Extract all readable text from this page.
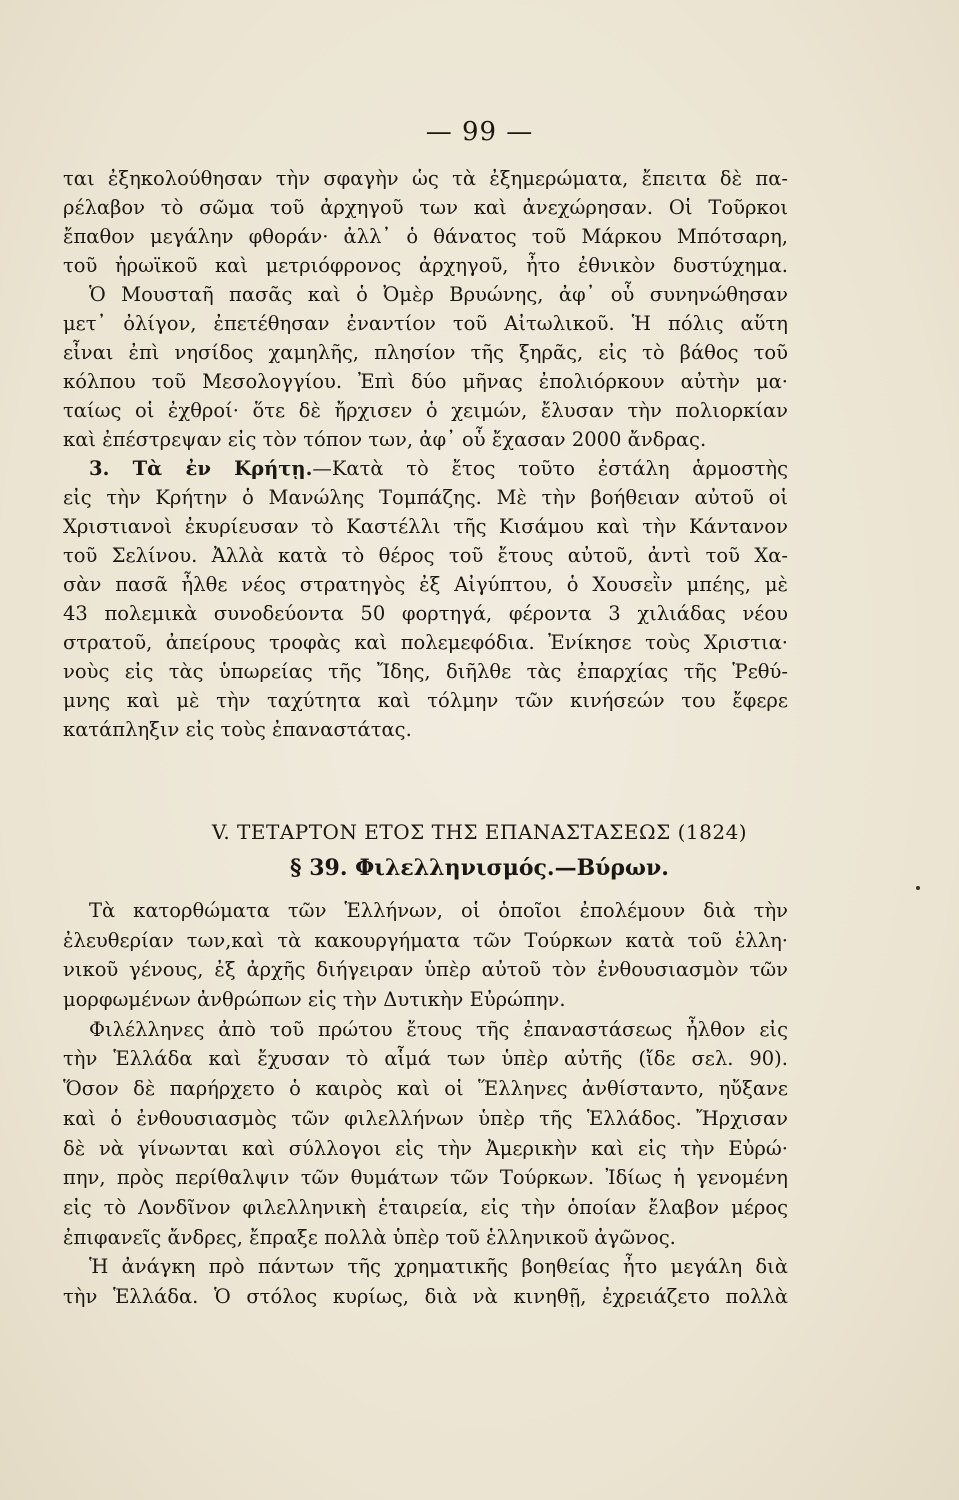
— 99 —
ται ἐξηκολούθησαν τὴν σφαγὴν ὡς τὰ ἐξημερώματα, ἔπειτα δὲ πα-
ρέλαβον τὸ σῶμα τοῦ ἀρχηγοῦ των καὶ ἀνεχώρησαν. Οἱ Τοῦρκοι
ἔπαθον μεγάλην φθοράν· ἀλλ᾽ ὁ θάνατος τοῦ Μάρκου Μπότσαρη,
τοῦ ἡρωϊκοῦ καὶ μετριόφρονος ἀρχηγοῦ, ἦτο ἐθνικὸν δυστύχημα.
Ὁ Μουσταῆ πασᾶς καὶ ὁ Ὀμὲρ Βρυώνης, ἀφ᾽ οὗ συνηνώθησαν
μετ᾽ ὀλίγον, ἐπετέθησαν ἐναντίον τοῦ Αἰτωλικοῦ. Ἡ πόλις αὕτη
εἶναι ἐπὶ νησίδος χαμηλῆς, πλησίον τῆς ξηρᾶς, εἰς τὸ βάθος τοῦ
κόλπου τοῦ Μεσολογγίου. Ἐπὶ δύο μῆνας ἐπολιόρκουν αὐτὴν μα·
ταίως οἱ ἐχθροί· ὅτε δὲ ἤρχισεν ὁ χειμών, ἔλυσαν τὴν πολιορκίαν
καὶ ἐπέστρεψαν εἰς τὸν τόπον των, ἀφ᾽ οὗ ἔχασαν 2000 ἄνδρας.
3. Τὰ ἐν Κρήτῃ.—Κατὰ τὸ ἔτος τοῦτο ἐστάλη ἁρμοστὴς
εἰς τὴν Κρήτην ὁ Μανώλης Τομπάζης. Μὲ τὴν βοήθειαν αὐτοῦ οἱ
Χριστιανοὶ ἐκυρίευσαν τὸ Καστέλλι τῆς Κισάμου καὶ τὴν Κάντανον
τοῦ Σελίνου. Ἀλλὰ κατὰ τὸ θέρος τοῦ ἔτους αὐτοῦ, ἀντὶ τοῦ Χα-
σὰν πασᾶ ἦλθε νέος στρατηγὸς ἐξ Αἰγύπτου, ὁ Χουσεῒν μπέης, μὲ
43 πολεμικὰ συνοδεύοντα 50 φορτηγά, φέροντα 3 χιλιάδας νέου
στρατοῦ, ἀπείρους τροφὰς καὶ πολεμεφόδια. Ἐνίκησε τοὺς Χριστια·
νοὺς εἰς τὰς ὑπωρείας τῆς Ἴδης, διῆλθε τὰς ἐπαρχίας τῆς Ῥεθύ-
μνης καὶ μὲ τὴν ταχύτητα καὶ τόλμην τῶν κινήσεών του ἔφερε
κατάπληξιν εἰς τοὺς ἐπαναστάτας.
V. ΤΕΤΑΡΤΟΝ ΕΤΟΣ ΤΗΣ ΕΠΑΝΑΣΤΑΣΕΩΣ (1824)
§ 39. Φιλελληνισμός.—Βύρων.
Τὰ κατορθώματα τῶν Ἑλλήνων, οἱ ὁποῖοι ἐπολέμουν διὰ τὴν
ἐλευθερίαν των,καὶ τὰ κακουργήματα τῶν Τούρκων κατὰ τοῦ ἑλλη·
νικοῦ γένους, ἐξ ἀρχῆς διήγειραν ὑπὲρ αὐτοῦ τὸν ἐνθουσιασμὸν τῶν
μορφωμένων ἀνθρώπων εἰς τὴν Δυτικὴν Εὐρώπην.
Φιλέλληνες ἀπὸ τοῦ πρώτου ἔτους τῆς ἐπαναστάσεως ἦλθον εἰς
τὴν Ἑλλάδα καὶ ἔχυσαν τὸ αἷμά των ὑπὲρ αὐτῆς (ἴδε σελ. 90).
Ὅσον δὲ παρήρχετο ὁ καιρὸς καὶ οἱ Ἕλληνες ἀνθίσταντο, ηὔξανε
καὶ ὁ ἐνθουσιασμὸς τῶν φιλελλήνων ὑπὲρ τῆς Ἑλλάδος. Ἤρχισαν
δὲ νὰ γίνωνται καὶ σύλλογοι εἰς τὴν Ἀμερικὴν καὶ εἰς τὴν Εὐρώ·
πην, πρὸς περίθαλψιν τῶν θυμάτων τῶν Τούρκων. Ἰδίως ἡ γενομένη
εἰς τὸ Λονδῖνον φιλελληνικὴ ἑταιρεία, εἰς τὴν ὁποίαν ἔλαβον μέρος
ἐπιφανεῖς ἄνδρες, ἔπραξε πολλὰ ὑπὲρ τοῦ ἑλληνικοῦ ἀγῶνος.
Ἡ ἀνάγκη πρὸ πάντων τῆς χρηματικῆς βοηθείας ἦτο μεγάλη διὰ
τὴν Ἑλλάδα. Ὁ στόλος κυρίως, διὰ νὰ κινηθῇ, ἐχρειάζετο πολλὰ
